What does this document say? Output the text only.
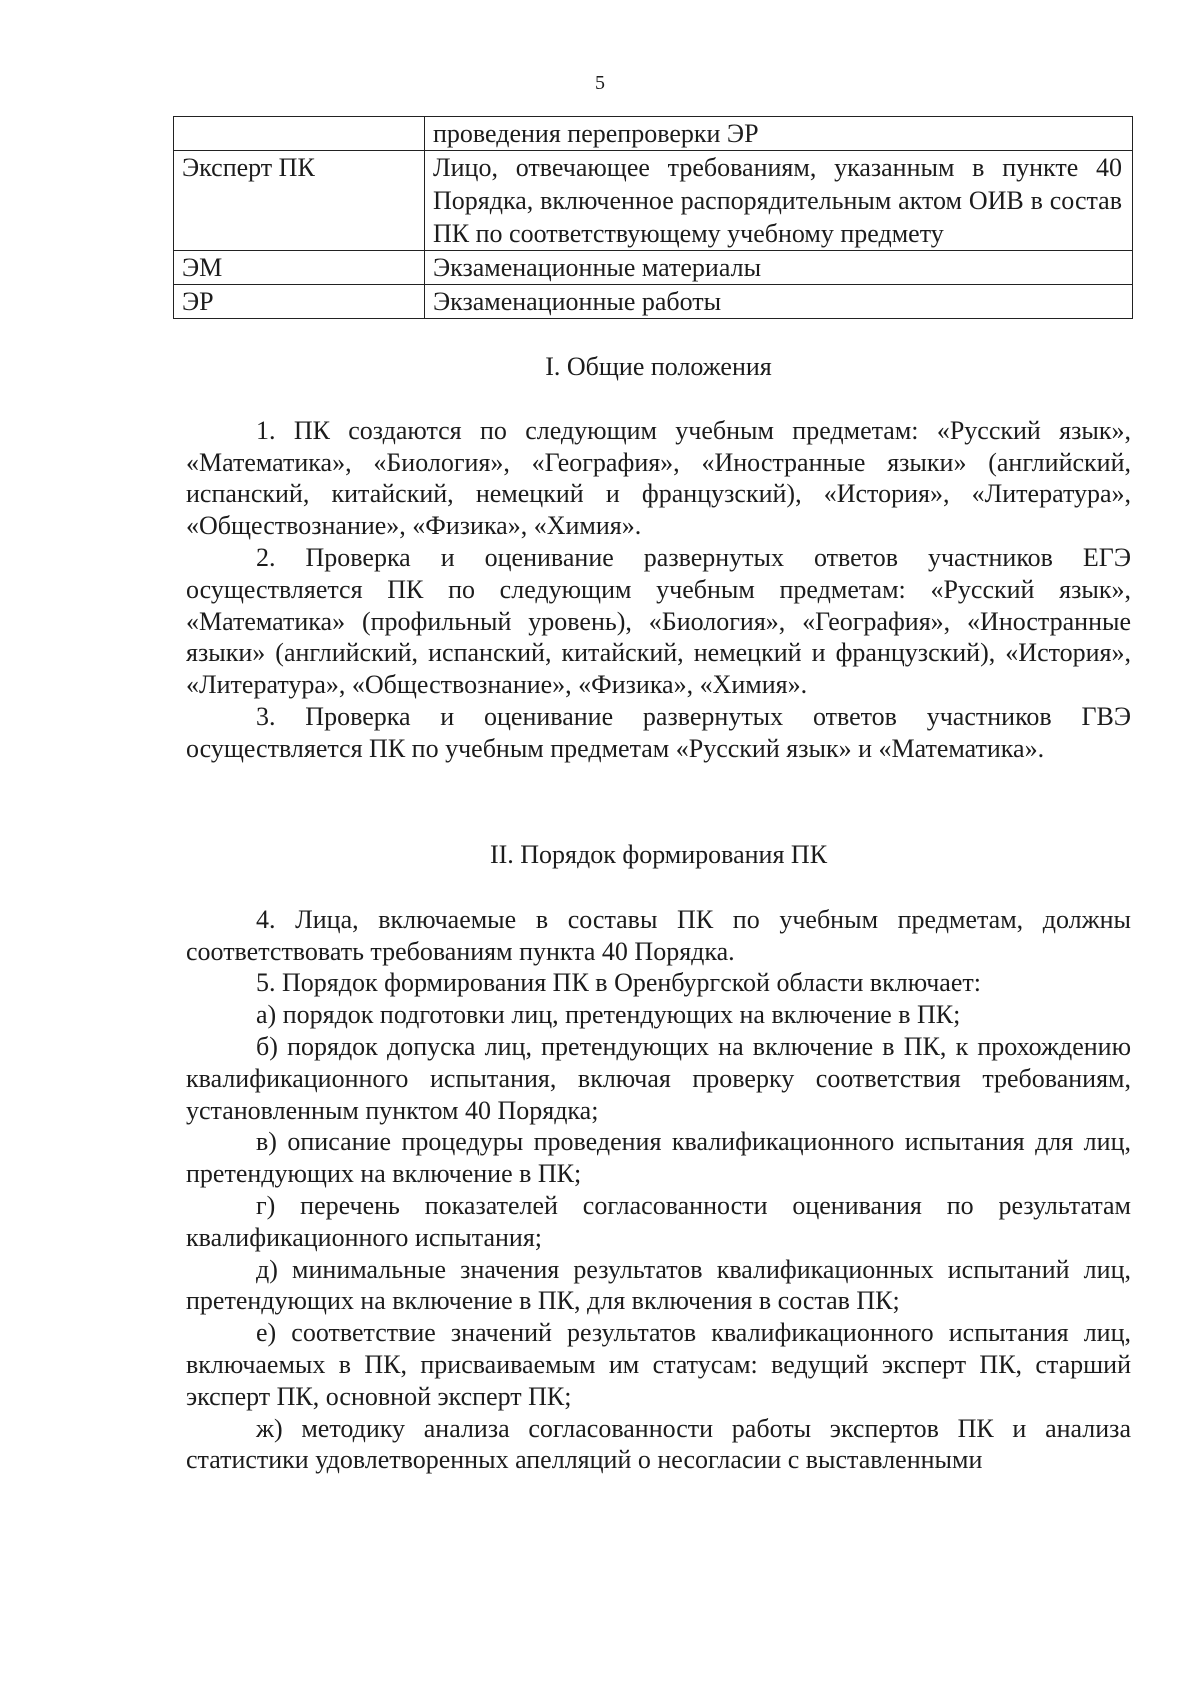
5
	проведения перепроверки ЭР
Эксперт ПК	Лицо, отвечающее требованиям, указанным в пункте 40 Порядка, включенное распорядительным актом ОИВ в состав ПК по соответствующему учебному предмету
ЭМ	Экзаменационные материалы
ЭР	Экзаменационные работы

I. Общие положения

1. ПК создаются по следующим учебным предметам: «Русский язык», «Математика», «Биология», «География», «Иностранные языки» (английский, испанский, китайский, немецкий и французский), «История», «Литература», «Обществознание», «Физика», «Химия».

2. Проверка и оценивание развернутых ответов участников ЕГЭ осуществляется ПК по следующим учебным предметам: «Русский язык», «Математика» (профильный уровень), «Биология», «География», «Иностранные языки» (английский, испанский, китайский, немецкий и французский), «История», «Литература», «Обществознание», «Физика», «Химия».

3. Проверка и оценивание развернутых ответов участников ГВЭ осуществляется ПК по учебным предметам «Русский язык» и «Математика».

II. Порядок формирования ПК

4. Лица, включаемые в составы ПК по учебным предметам, должны соответствовать требованиям пункта 40 Порядка.

5. Порядок формирования ПК в Оренбургской области включает:

а) порядок подготовки лиц, претендующих на включение в ПК;

б) порядок допуска лиц, претендующих на включение в ПК, к прохождению квалификационного испытания, включая проверку соответствия требованиям, установленным пунктом 40 Порядка;

в) описание процедуры проведения квалификационного испытания для лиц, претендующих на включение в ПК;

г) перечень показателей согласованности оценивания по результатам квалификационного испытания;

д) минимальные значения результатов квалификационных испытаний лиц, претендующих на включение в ПК, для включения в состав ПК;

е) соответствие значений результатов квалификационного испытания лиц, включаемых в ПК, присваиваемым им статусам: ведущий эксперт ПК, старший эксперт ПК, основной эксперт ПК;

ж) методику анализа согласованности работы экспертов ПК и анализа статистики удовлетворенных апелляций о несогласии с выставленными
